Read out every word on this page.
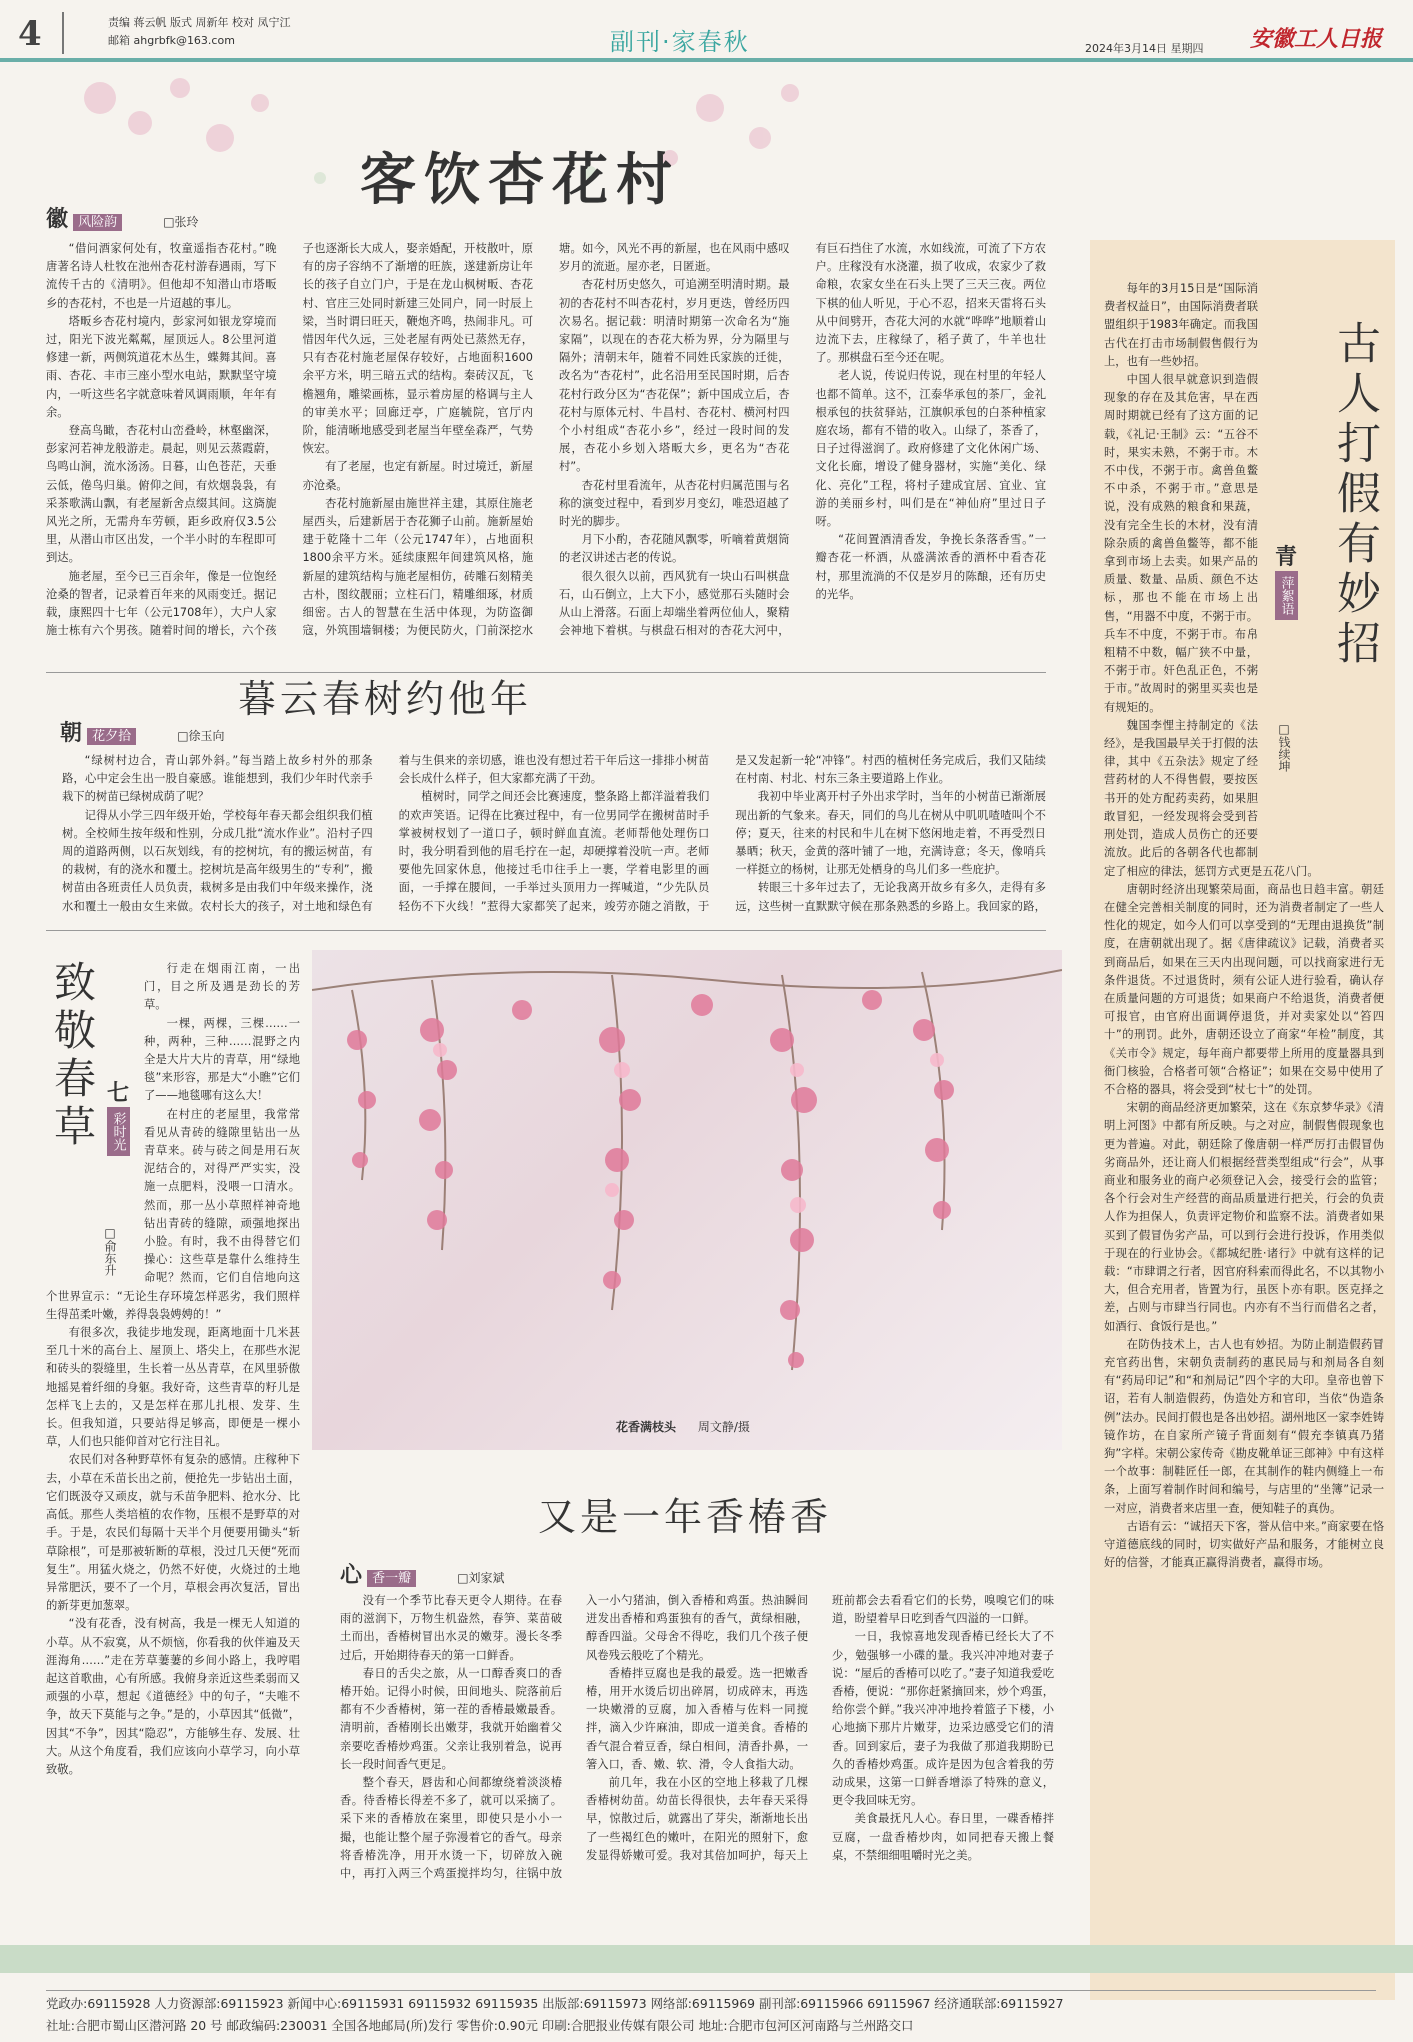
4	责编 蒋云帆 版式 周新年 校对 凤宁江
邮箱 ahgrbfk@163.com	副刊·家春秋	2024年3月14日 星期四 安徽工人日报
客饮杏花村
徽 风险韵	□张玲

“借问酒家何处有，牧童遥指杏花村。”晚唐著名诗人杜牧在池州杏花村游春遇雨，写下流传千古的《清明》。但他却不知潜山市塔畈乡的杏花村，不也是一片迢越的事儿。

塔畈乡杏花村境内，彭家河如银龙穿境而过，阳光下波光粼粼，屋顶远人。8公里河道修建一新，两侧筑道花木丛生，蝶舞其间。喜雨、杏花、丰市三座小型水电站，默默坚守境内，一听这些名字就意味着风调雨顺，年年有余。

登高鸟瞰，杏花村山峦叠岭，林壑幽深，彭家河若神龙般游走。晨起，则见云蒸霞蔚，鸟鸣山涧，流水汤汤。日暮，山色苍茫，天垂云低，倦鸟归巢。俯仰之间，有炊烟袅袅，有采茶歌满山飘，有老屋新舍点缀其间。这旖旎风光之所，无需舟车劳顿，距乡政府仅3.5公里，从潜山市区出发，一个半小时的车程即可到达。

施老屋，至今已三百余年，像是一位饱经沧桑的智者，记录着百年来的风雨变迁。据记载，康熙四十七年（公元1708年），大户人家施士栋有六个男孩。随着时间的增长，六个孩子也逐渐长大成人，娶亲婚配，开枝散叶，原有的房子容纳不了渐增的旺族，遂建新房让年长的孩子自立门户，于是在龙山枫树畈、杏花村、官庄三处同时新建三处同户，同一时辰上梁，当时谓曰旺天，鞭炮齐鸣，热闹非凡。可惜因年代久远，三处老屋有两处已蒸然无存，只有杏花村施老屋保存较好，占地面积1600余平方米，明三暗五式的结构。秦砖汉瓦，飞檐翘角，雕梁画栋，显示着房屋的格调与主人的审美水平；回廊迂亭，广庭毓院，官厅内阶，能清晰地感受到老屋当年壁垒森严，气势恢宏。

有了老屋，也定有新屋。时过境迁，新屋亦沧桑。

杏花村施新屋由施世祥主建，其原住施老屋西头，后建新居于杏花狮子山前。施新屋始建于乾隆十二年（公元1747年），占地面积1800余平方米。延续康熙年间建筑风格，施新屋的建筑结构与施老屋相仿，砖雕石刻精美古朴，图纹靓丽；立柱石门，精雕细琢，材质细密。古人的智慧在生活中体现，为防盗御寇，外筑围墙铜楼；为便民防火，门前深挖水塘。如今，风光不再的新屋，也在风雨中感叹岁月的流逝。屋亦老，日匿逝。

杏花村历史悠久，可追溯至明清时期。最初的杏花村不叫杏花村，岁月更迭，曾经历四次易名。据记载：明清时期第一次命名为“施家隔”，以现在的杏花大桥为界，分为隔里与隔外；清朝末年，随着不同姓氏家族的迁徙，改名为“杏花村”，此名沿用至民国时期，后杏花村行政分区为“杏花保”；新中国成立后，杏花村与原体元村、牛昌村、杏花村、横河村四个小村组成“杏花小乡”，经过一段时间的发展，杏花小乡划入塔畈大乡，更名为“杏花村”。

杏花村里看流年，从杏花村归属范围与名称的演变过程中，看到岁月变幻，唯恐迢越了时光的脚步。

月下小酌，杏花随风飘零，听嘀着黄烟筒的老汉讲述古老的传说。

很久很久以前，西风犹有一块山石叫棋盘石，山石倒立，上大下小，感觉那石头随时会从山上滑落。石面上却端坐着两位仙人，聚精会神地下着棋。与棋盘石相对的杏花大河中，有巨石挡住了水流，水如线流，可流了下方农户。庄稼没有水浇灌，损了收成，农家少了救命粮，农家女坐在石头上哭了三天三夜。两位下棋的仙人听见，于心不忍，招来天雷将石头从中间劈开，杏花大河的水就“哗哗”地顺着山边流下去，庄稼绿了，稻子黄了，牛羊也壮了。那棋盘石至今还在呢。

老人说，传说归传说，现在村里的年轻人也都不简单。这不，江泰华承包的茶厂，金礼根承包的扶贫驿站，江旗帜承包的白茶种植家庭农场，都有不错的收入。山绿了，茶香了，日子过得滋润了。政府修建了文化休闲广场、文化长廊，增设了健身器材，实施“美化、绿化、亮化”工程，将村子建成宜居、宜业、宜游的美丽乡村，叫们是在“神仙府”里过日子呀。

“花间置酒清香发，争挽长条落香雪。”一瓣杏花一杯酒，从盛满浓香的酒杯中看杏花村，那里流淌的不仅是岁月的陈酿，还有历史的光华。

暮云春树约他年
朝 花夕拾	□徐玉向

“绿树村边合，青山郭外斜。”每当踏上故乡村外的那条路，心中定会生出一股自豪感。谁能想到，我们少年时代亲手栽下的树苗已绿树成荫了呢？

记得从小学三四年级开始，学校每年春天都会组织我们植树。全校师生按年级和性别，分成几批“流水作业”。沿村子四周的道路两侧，以石灰划线，有的挖树坑，有的搬运树苗，有的栽树，有的浇水和覆土。挖树坑是高年级男生的“专利”，搬树苗由各班责任人员负责，栽树多是由我们中年级来操作，浇水和覆土一般由女生来做。农村长大的孩子，对土地和绿色有着与生俱来的亲切感，谁也没有想过若干年后这一排排小树苗会长成什么样子，但大家都充满了干劲。

植树时，同学之间还会比赛速度，整条路上都洋溢着我们的欢声笑语。记得在比赛过程中，有一位男同学在搬树苗时手掌被树杈划了一道口子，顿时鲜血直流。老师帮他处理伤口时，我分明看到他的眉毛拧在一起，却硬撑着没吭一声。老师要他先回家休息，他接过毛巾往手上一裹，学着电影里的画面，一手撑在腰间，一手举过头顶用力一挥喊道，“少先队员轻伤不下火线！”惹得大家都笑了起来，竣劳亦随之消散，于是又发起新一轮“冲锋”。村西的植树任务完成后，我们又陆续在村南、村北、村东三条主要道路上作业。

我初中毕业离开村子外出求学时，当年的小树苗已渐渐展现出新的气象来。春天，同们的鸟儿在树从中叽叽喳喳叫个不停；夏天，往来的村民和牛儿在树下悠闲地走着，不再受烈日暴晒；秋天，金黄的落叶铺了一地，充满诗意；冬天，像哨兵一样挺立的杨树，让那无处栖身的鸟儿们多一些庇护。

转眼三十多年过去了，无论我离开故乡有多久，走得有多远，这些树一直默默守候在那条熟悉的乡路上。我回家的路，

致敬春草 七
彩时光
□俞东升

行走在烟雨江南，一出门，目之所及遇是劲长的芳草。

一棵，两棵，三棵……一种，两种，三种……混野之内全是大片大片的青草，用“绿地毯”来形容，那是大“小瞧”它们了——地毯哪有这么大！

在村庄的老屋里，我常常看见从青砖的缝隙里钻出一丛青草来。砖与砖之间是用石灰泥结合的，对得严严实实，没施一点肥料，没喂一口清水。然而，那一丛小草照样神奇地钻出青砖的缝隙，顽强地探出小脸。有时，我不由得替它们操心：这些草是靠什么维持生命呢？然而，它们自信地向这个世界宣示：“无论生存环境怎样恶劣，我们照样生得茁柔叶嫩，养得袅袅娉娉的！”

有很多次，我徒步地发现，距离地面十几米甚至几十米的高台上、屋顶上、塔尖上，在那些水泥和砖头的裂缝里，生长着一丛丛青草，在风里骄傲地摇晃着纤细的身躯。我好奇，这些青草的籽儿是怎样飞上去的，又是怎样在那儿扎根、发芽、生长。但我知道，只要站得足够高，即便是一棵小草，人们也只能仰首对它行注目礼。

农民们对各种野草怀有复杂的感情。庄稼种下去，小草在禾苗长出之前，便抢先一步钻出土面，它们既汲夺又顽皮，就与禾苗争肥料、抢水分、比高低。那些人类培植的农作物，压根不是野草的对手。于是，农民们每隔十天半个月便要用锄头“斩草除根”，可是那被斩断的草根，没过几天便“死而复生”。用猛火烧之，仍然不好使，火烧过的土地异常肥沃，要不了一个月，草根会再次复活，冒出的新芽更加葱翠。

“没有花香，没有树高，我是一棵无人知道的小草。从不寂寞，从不烦恼，你看我的伙伴遍及天涯海角……”走在芳草萋萋的乡间小路上，我哼唱起这首歌曲，心有所感。我俯身亲近这些柔弱而又顽强的小草，想起《道德经》中的句子，“夫唯不争，故天下莫能与之争。”是的，小草因其“低微”，因其“不争”，因其“隐忍”，方能够生存、发展、壮大。从这个角度看，我们应该向小草学习，向小草致敬。

花香满枝头 周文静/摄
又是一年香椿香
心 香一瓣	□刘家斌

没有一个季节比春天更令人期待。在春雨的滋润下，万物生机盎然，春笋、菜苗破土而出，香椿树冒出水灵的嫩芽。漫长冬季过后，开始期待春天的第一口鲜香。

春日的舌尖之旅，从一口醇香爽口的香椿开始。记得小时候，田间地头、院落前后都有不少香椿树，第一茬的香椿最嫩最香。清明前，香椿刚长出嫩芽，我就开始幽着父亲要吃香椿炒鸡蛋。父亲让我别着急，说再长一段时间香气更足。

整个春天，唇齿和心间都缭绕着淡淡椿香。待香椿长得差不多了，就可以采摘了。采下来的香椿放在案里，即使只是小小一撮，也能让整个屋子弥漫着它的香气。母亲将香椿洗净，用开水烫一下，切碎放入碗中，再打入两三个鸡蛋搅拌均匀，往锅中放入一小勺猪油，倒入香椿和鸡蛋。热油瞬间迸发出香椿和鸡蛋独有的香气，黄绿相融，醇香四溢。父母舍不得吃，我们几个孩子便风卷残云般吃了个精光。

香椿拌豆腐也是我的最爱。选一把嫩香椿，用开水烫后切出碎屑，切成碎末，再选一块嫩滑的豆腐，加入香椿与佐料一同搅拌，滴入少许麻油，即成一道美食。香椿的香气混合着豆香，绿白相间，清香扑鼻，一箸入口，香、嫩、软、滑，令人食指大动。

前几年，我在小区的空地上移栽了几棵香椿树幼苗。幼苗长得很快，去年春天采得早，惊散过后，就露出了芽尖，渐渐地长出了一些褐红色的嫩叶，在阳光的照射下，愈发显得娇嫩可爱。我对其倍加呵护，每天上班前都会去看看它们的长势，嗅嗅它们的味道，盼望着早日吃到香气四溢的一口鲜。

一日，我惊喜地发现香椿已经长大了不少，勉强够一小碟的量。我兴冲冲地对妻子说：“屋后的香椿可以吃了。”妻子知道我爱吃香椿，便说：“那你赶紧摘回来，炒个鸡蛋，给你尝个鲜。”我兴冲冲地拎着篮子下楼，小心地摘下那片片嫩芽，边采边感受它们的清香。回到家后，妻子为我做了那道我期盼已久的香椿炒鸡蛋。成许是因为包含着我的劳动成果，这第一口鲜香增添了特殊的意义，更令我回味无穷。

美食最抚凡人心。春日里，一碟香椿拌豆腐，一盘香椿炒肉，如同把春天搬上餐桌，不禁细细咀嚼时光之美。

古人打假有妙招
青
萍絮语
□钱续坤

每年的3月15日是“国际消费者权益日”，由国际消费者联盟组织于1983年确定。而我国古代在打击市场制假售假行为上，也有一些妙招。

中国人很早就意识到造假现象的存在及其危害，早在西周时期就已经有了这方面的记载，《礼记·王制》云：“五谷不时，果实未熟，不粥于市。木不中伐，不粥于市。禽兽鱼鳖不中杀，不粥于市。”意思是说，没有成熟的粮食和果蔬，没有完全生长的木材，没有清除杂质的禽兽鱼鳖等，都不能拿到市场上去卖。如果产品的质量、数量、品质、颜色不达标，那也不能在市场上出售，“用器不中度，不粥于市。兵车不中度，不粥于市。布帛粗精不中数，幅广狭不中量，不粥于市。奸色乱正色，不粥于市。”故周时的粥里买卖也是有规矩的。

魏国李悝主持制定的《法经》，是我国最早关于打假的法律，其中《五杂法》规定了经营药材的人不得售假，要按医书开的处方配药卖药，如果胆敢冒犯，一经发现将会受到苔刑处罚，造成人员伤亡的还要流放。此后的各朝各代也都制定了相应的律法，惩罚方式更是五花八门。

唐朝时经济出现繁荣局面，商品也日趋丰富。朝廷在健全完善相关制度的同时，还为消费者制定了一些人性化的规定，如今人们可以享受到的“无理由退换货”制度，在唐朝就出现了。据《唐律疏议》记载，消费者买到商品后，如果在三天内出现问题，可以找商家进行无条件退货。不过退货时，须有公证人进行验看，确认存在质量问题的方可退货；如果商户不给退货，消费者便可报官，由官府出面调停退货，并对卖家处以“笞四十”的刑罚。此外，唐朝还设立了商家“年检”制度，其《关市令》规定，每年商户都要带上所用的度量器具到衙门核验，合格者可领“合格证”；如果在交易中使用了不合格的器具，将会受到“杖七十”的处罚。

宋朝的商品经济更加繁荣，这在《东京梦华录》《清明上河图》中都有所反映。与之对应，制假售假现象也更为普遍。对此，朝廷除了像唐朝一样严厉打击假冒伪劣商品外，还让商人们根据经营类型组成“行会”，从事商业和服务业的商户必须登记入会，接受行会的监管；各个行会对生产经营的商品质量进行把关，行会的负责人作为担保人，负责评定物价和监察不法。消费者如果买到了假冒伪劣产品，可以到行会进行投诉，作用类似于现在的行业协会。《都城纪胜·诸行》中就有这样的记载：“市肆谓之行者，因官府科索而得此名，不以其物小大，但合充用者，皆置为行，虽医卜亦有职。医克择之差，占则与市肆当行同也。内亦有不当行而借名之者，如酒行、食饭行是也。”

在防伪技术上，古人也有妙招。为防止制造假药冒充官药出售，宋朝负责制药的惠民局与和剂局各自刻有“药局印记”和“和剂局记”四个字的大印。皇帝也曾下诏，若有人制造假药，伪造处方和官印，当依“伪造条例”法办。民间打假也是各出妙招。湖州地区一家李姓铸镜作坊，在自家所产镜子背面刻有“假充李镇真乃猪狗”字样。宋朝公家传奇《勘皮靴单证三郎神》中有这样一个故事：制鞋匠任一郎，在其制作的鞋内侧缝上一布条，上面写着制作时间和编号，与店里的“坐簿”记录一一对应，消费者来店里一查，便知鞋子的真伪。

古语有云：“诚招天下客，誉从信中来。”商家要在恪守道德底线的同时，切实做好产品和服务，才能树立良好的信誉，才能真正赢得消费者，赢得市场。

党政办:69115928 人力资源部:69115923 新闻中心:69115931 69115932 69115935 出版部:69115973 网络部:69115969 副刊部:69115966 69115967 经济通联部:69115927
社址:合肥市蜀山区潜河路 20 号 邮政编码:230031 全国各地邮局(所)发行 零售价:0.90元 印刷:合肥报业传媒有限公司 地址:合肥市包河区河南路与兰州路交口
